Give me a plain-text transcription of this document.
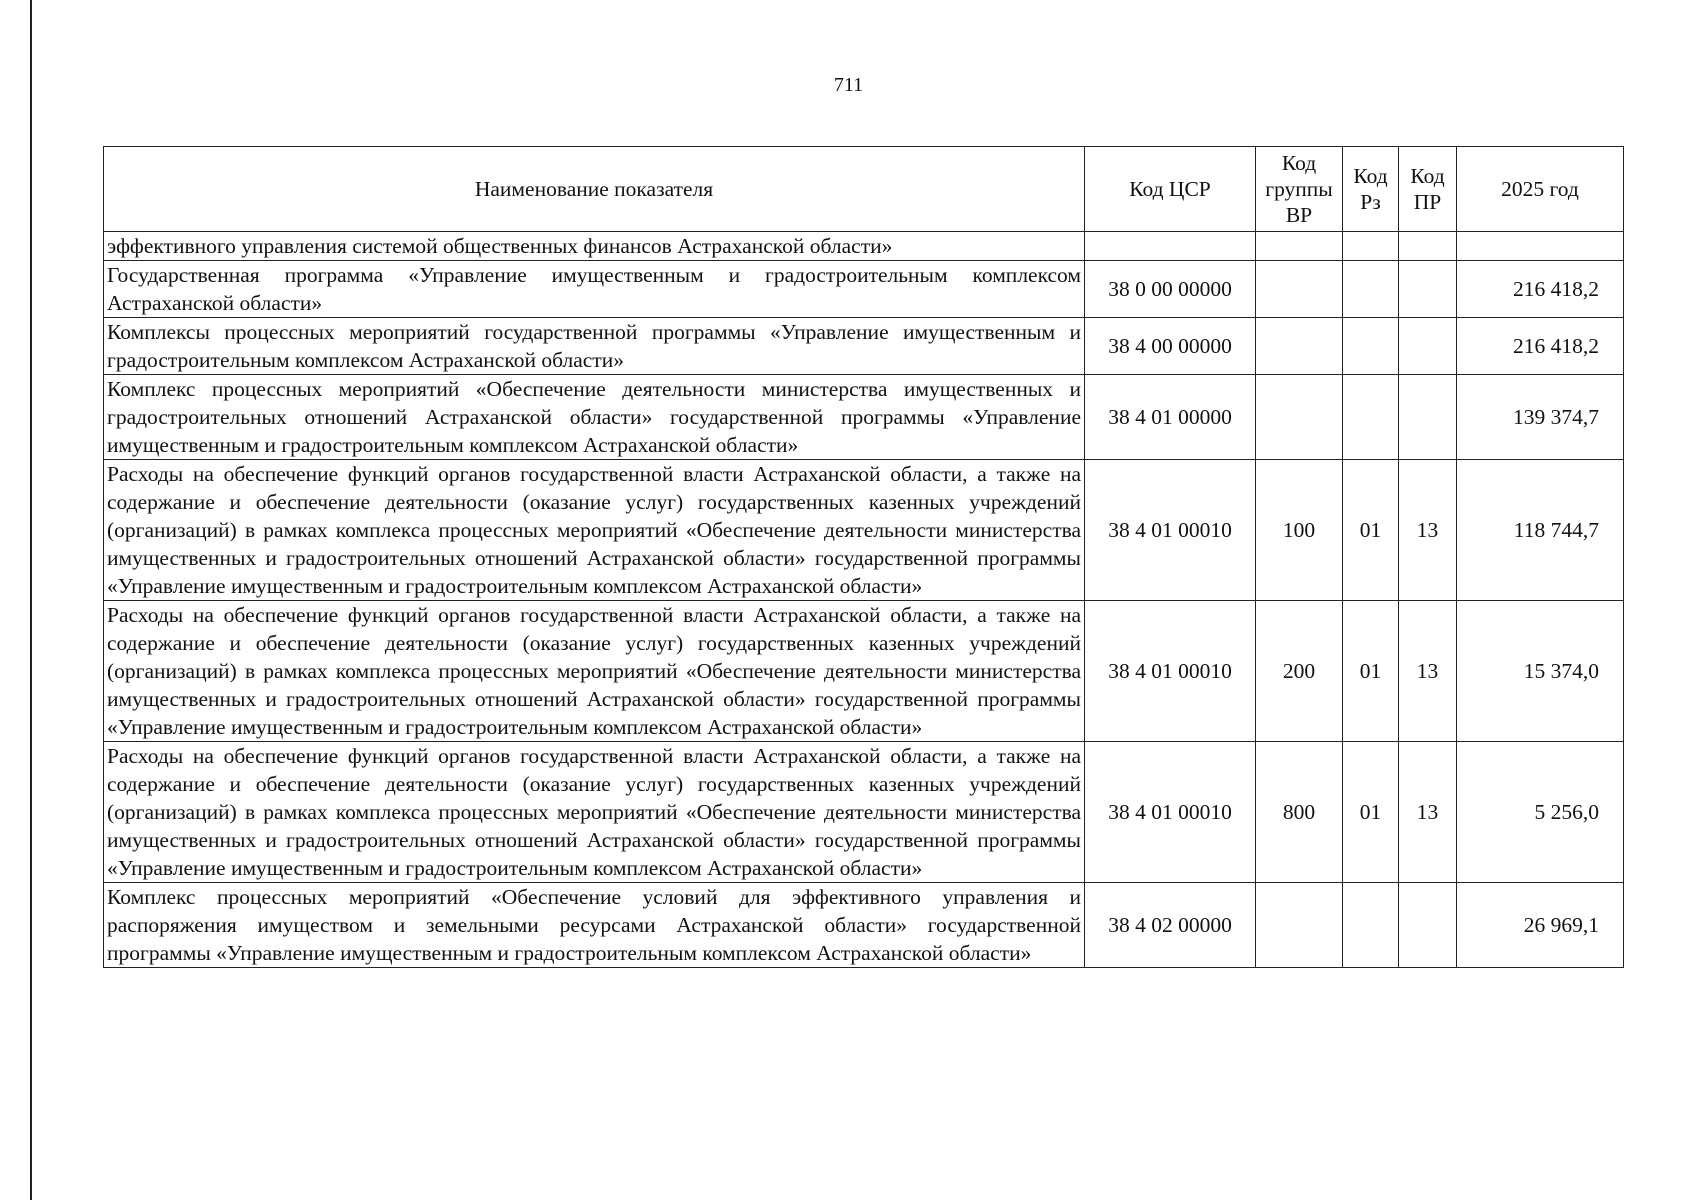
711
Наименование показателя	Код ЦСР	Код группы ВР	Код Рз	Код ПР	2025 год
эффективного управления системой общественных финансов Астраханской области»					
Государственная программа «Управление имущественным и градостроительным комплексом Астраханской области»	38 0 00 00000				216 418,2
Комплексы процессных мероприятий государственной программы «Управление имущественным и градостроительным комплексом Астраханской области»	38 4 00 00000				216 418,2
Комплекс процессных мероприятий «Обеспечение деятельности министерства имущественных и градостроительных отношений Астраханской области» государственной программы «Управление имущественным и градостроительным комплексом Астраханской области»	38 4 01 00000				139 374,7
Расходы на обеспечение функций органов государственной власти Астраханской области, а также на содержание и обеспечение деятельности (оказание услуг) государственных казенных учреждений (организаций) в рамках комплекса процессных мероприятий «Обеспечение деятельности министерства имущественных и градостроительных отношений Астраханской области» государственной программы «Управление имущественным и градостроительным комплексом Астраханской области»	38 4 01 00010	100	01	13	118 744,7
Расходы на обеспечение функций органов государственной власти Астраханской области, а также на содержание и обеспечение деятельности (оказание услуг) государственных казенных учреждений (организаций) в рамках комплекса процессных мероприятий «Обеспечение деятельности министерства имущественных и градостроительных отношений Астраханской области» государственной программы «Управление имущественным и градостроительным комплексом Астраханской области»	38 4 01 00010	200	01	13	15 374,0
Расходы на обеспечение функций органов государственной власти Астраханской области, а также на содержание и обеспечение деятельности (оказание услуг) государственных казенных учреждений (организаций) в рамках комплекса процессных мероприятий «Обеспечение деятельности министерства имущественных и градостроительных отношений Астраханской области» государственной программы «Управление имущественным и градостроительным комплексом Астраханской области»	38 4 01 00010	800	01	13	5 256,0
Комплекс процессных мероприятий «Обеспечение условий для эффективного управления и распоряжения имуществом и земельными ресурсами Астраханской области» государственной программы «Управление имущественным и градостроительным комплексом Астраханской области»	38 4 02 00000				26 969,1
